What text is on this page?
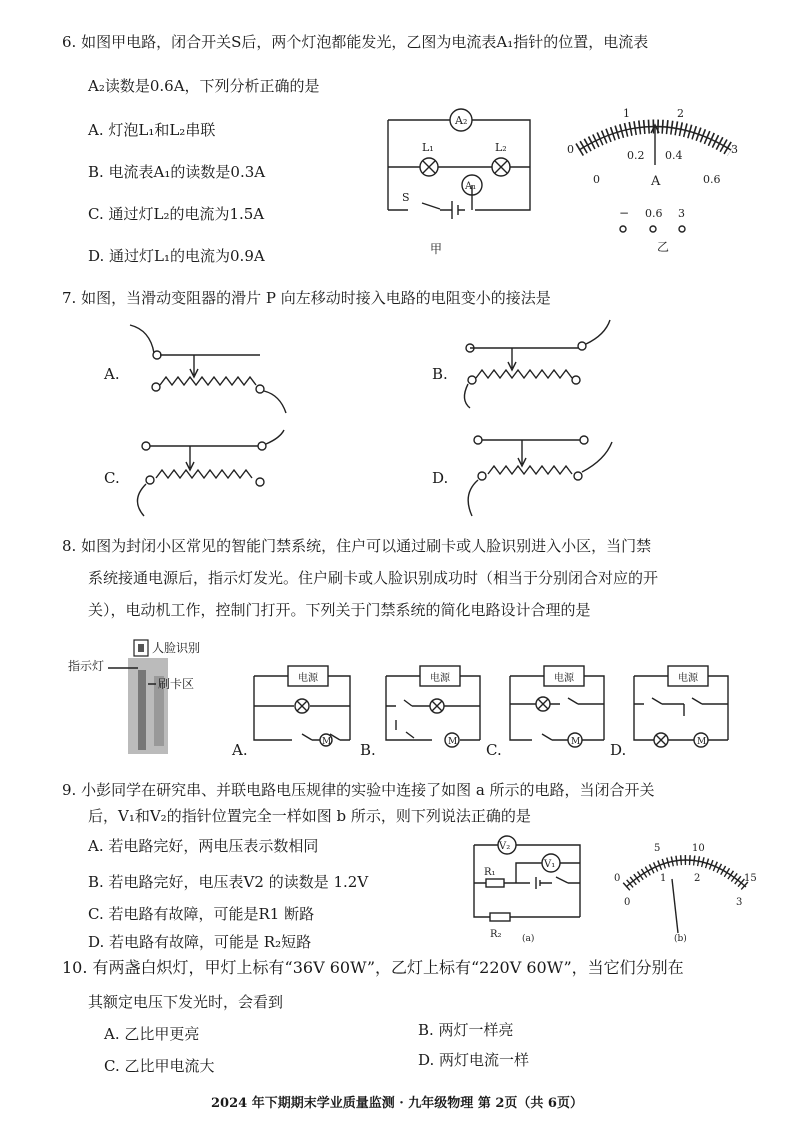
6. 如图甲电路，闭合开关S后，两个灯泡都能发光，乙图为电流表A₁指针的位置，电流表
A₂读数是0.6A，下列分析正确的是
A. 灯泡L₁和L₂串联
B. 电流表A₁的读数是0.3A
C. 通过灯L₂的电流为1.5A
D. 通过灯L₁的电流为0.9A
A₂
L₁	L₂
A₁
S
甲
0
1	2
3
0
0.2 0.4
0.6
A
− 0.6 3
乙
7. 如图，当滑动变阻器的滑片 P 向左移动时接入电路的电阻变小的接法是
A.	B.
C.	D.
8. 如图为封闭小区常见的智能门禁系统，住户可以通过刷卡或人脸识别进入小区，当门禁
系统接通电源后，指示灯发光。住户刷卡或人脸识别成功时（相当于分别闭合对应的开
关），电动机工作，控制门打开。下列关于门禁系统的简化电路设计合理的是
人脸识别
指示灯
刷卡区
A.
电源
M B.
电源
M C.
电源
M D.
电源
M
9. 小彭同学在研究串、并联电路电压规律的实验中连接了如图 a 所示的电路，当闭合开关
后，V₁和V₂的指针位置完全一样如图 b 所示，则下列说法正确的是
A. 若电路完好，两电压表示数相同
B. 若电路完好，电压表V2 的读数是 1.2V
C. 若电路有故障，可能是R1 断路
D. 若电路有故障，可能是 R₂短路
V₂
V₁
R₁
R₂ (a)
0
5	10
15
0
1	2
3
(b)
10. 有两盏白炽灯，甲灯上标有“36V 60W”，乙灯上标有“220V 60W”，当它们分别在
其额定电压下发光时，会看到
A. 乙比甲更亮	B. 两灯一样亮
C. 乙比甲电流大	D. 两灯电流一样
2024 年下期期末学业质量监测 · 九年级物理 第 2页（共 6页）
